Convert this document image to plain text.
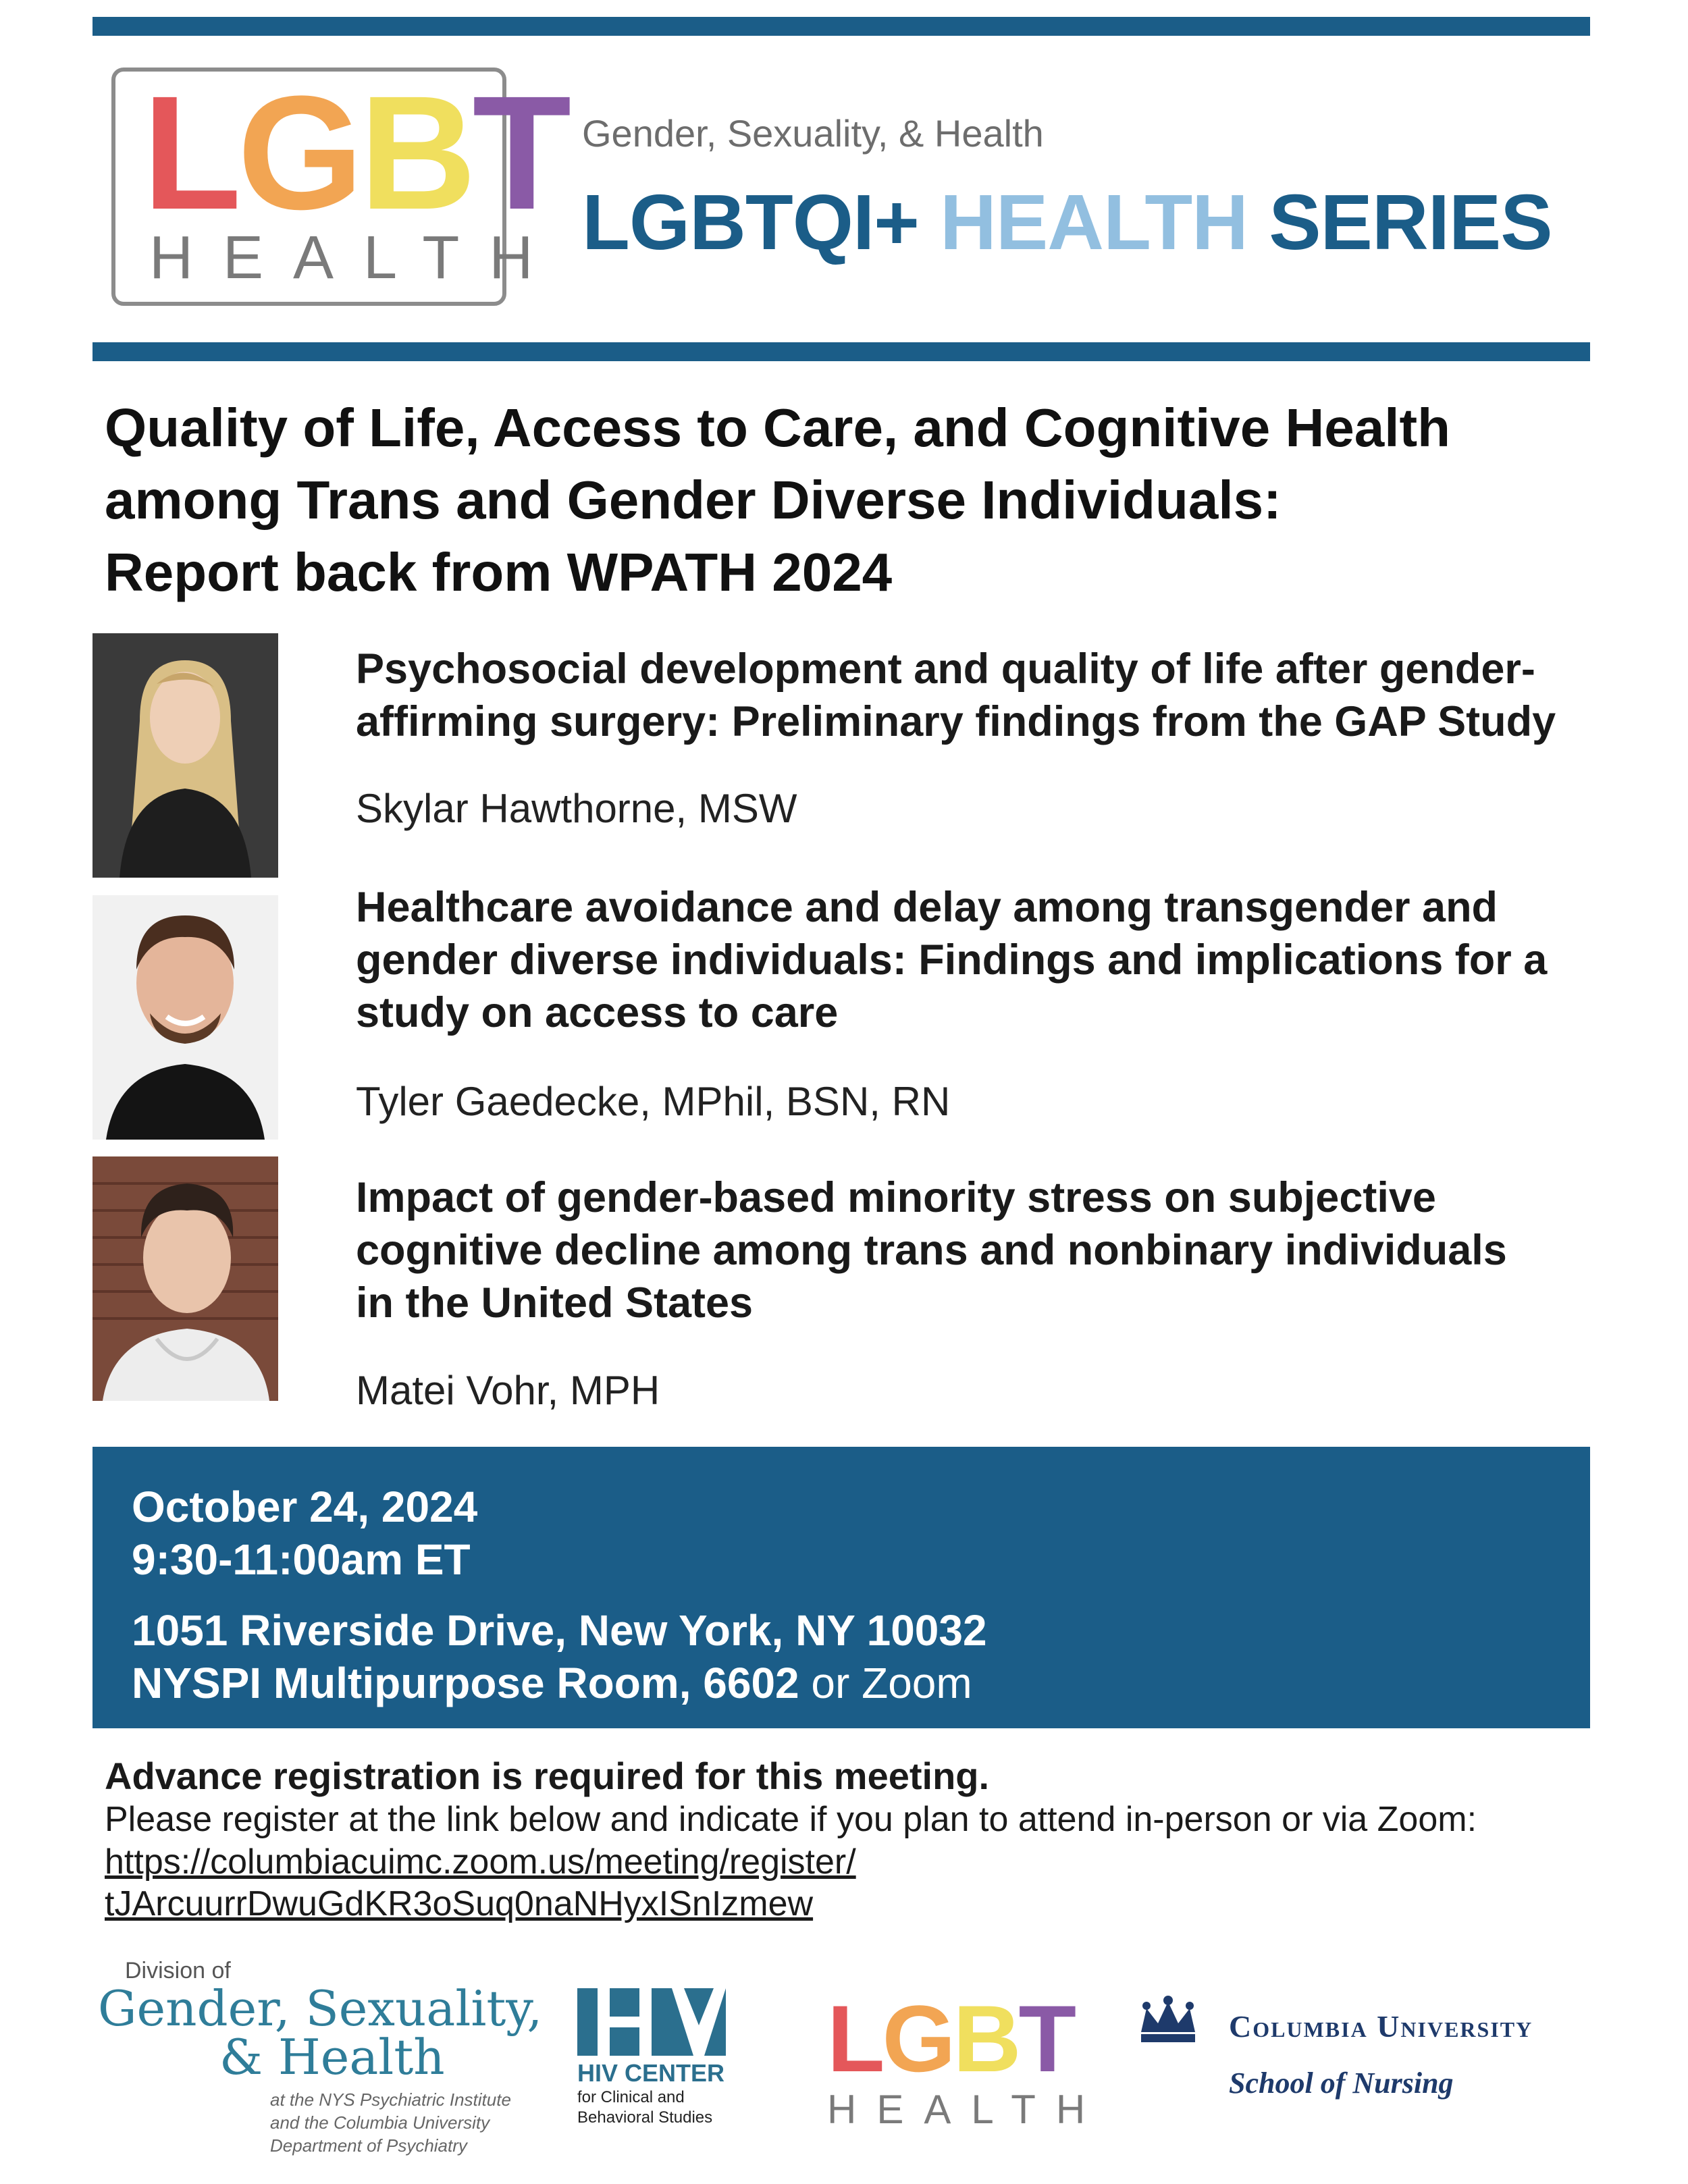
L G B T
HEALTH
Gender, Sexuality, & Health
LGBTQI+ HEALTH SERIES
Quality of Life, Access to Care, and Cognitive Health
among Trans and Gender Diverse Individuals:
Report back from WPATH 2024
Psychosocial development and quality of life after gender-
affirming surgery: Preliminary findings from the GAP Study
Skylar Hawthorne, MSW
Healthcare avoidance and delay among transgender and
gender diverse individuals: Findings and implications for a
study on access to care
Tyler Gaedecke, MPhil, BSN, RN
Impact of gender-based minority stress on subjective
cognitive decline among trans and nonbinary individuals
in the United States
Matei Vohr, MPH
October 24, 2024
9:30-11:00am ET
1051 Riverside Drive, New York, NY 10032
NYSPI Multipurpose Room, 6602 or Zoom
Advance registration is required for this meeting.
Please register at the link below and indicate if you plan to attend in-person or via Zoom:
https://columbiacuimc.zoom.us/meeting/register/
tJArcuurrDwuGdKR3oSuq0naNHyxISnIzmew
Division of
Gender, Sexuality,
& Health
at the NYS Psychiatric Institute
and the Columbia University
Department of Psychiatry
HIV CENTER
for Clinical and
Behavioral Studies
LGBT
HEALTH
Columbia University
School of Nursing
